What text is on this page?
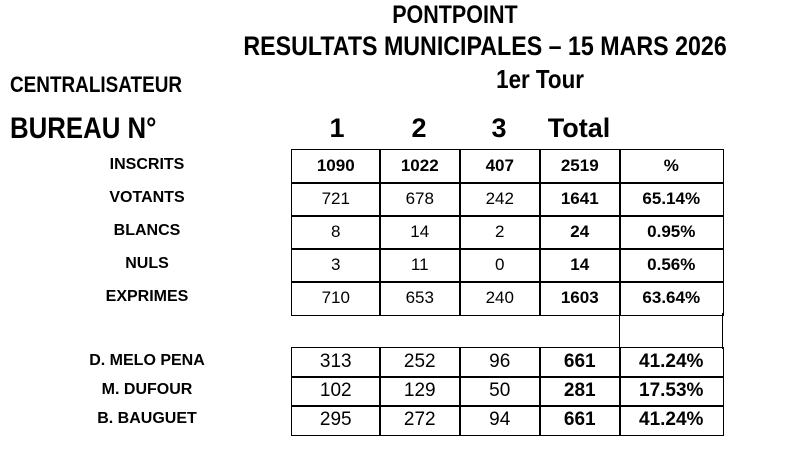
PONTPOINT
RESULTATS MUNICIPALES – 15 MARS 2026
1er Tour
CENTRALISATEUR
BUREAU N°	1	2	3	Total
INSCRITS	1090	1022	407	2519	%
VOTANTS	721	678	242	1641	65.14%
BLANCS	8	14	2	24	0.95%
NULS	3	11	0	14	0.56%
EXPRIMES	710	653	240	1603	63.64%
D. MELO PENA	313	252	96	661	41.24%
M. DUFOUR	102	129	50	281	17.53%
B. BAUGUET	295	272	94	661	41.24%
